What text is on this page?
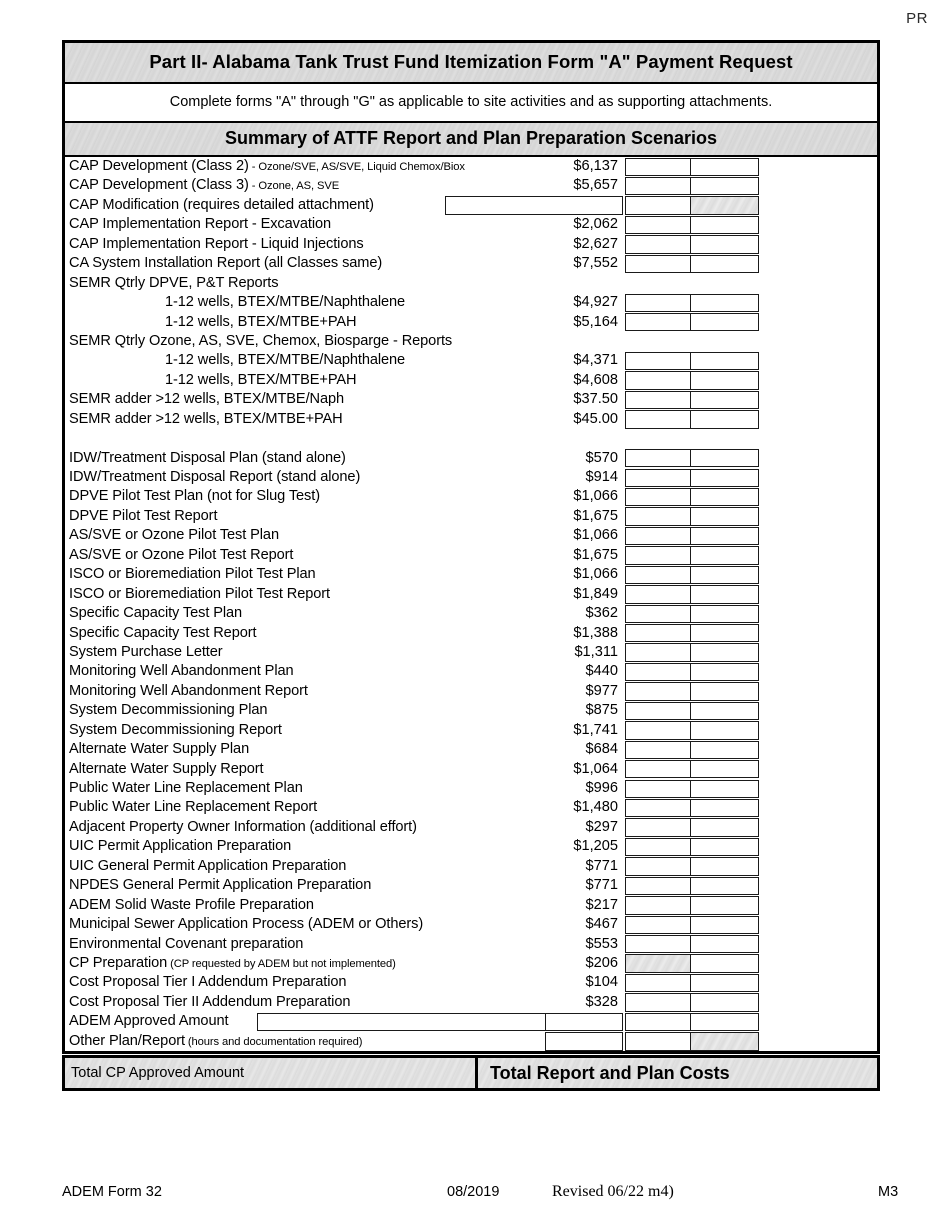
PR
Part II- Alabama Tank Trust Fund Itemization Form "A" Payment Request
Complete forms "A" through "G" as applicable to site activities and as supporting attachments.
Summary of ATTF Report and Plan Preparation Scenarios
CAP Development (Class 2) - Ozone/SVE, AS/SVE, Liquid Chemox/Biox	$6,137
CAP Development (Class 3) - Ozone, AS, SVE	$5,657
CAP Modification (requires detailed attachment)
CAP Implementation Report - Excavation	$2,062
CAP Implementation Report - Liquid Injections	$2,627
CA System Installation Report (all Classes same)	$7,552
SEMR Qtrly DPVE, P&T Reports
1-12 wells, BTEX/MTBE/Naphthalene	$4,927
1-12 wells, BTEX/MTBE+PAH	$5,164
SEMR Qtrly Ozone, AS, SVE, Chemox, Biosparge - Reports
1-12 wells, BTEX/MTBE/Naphthalene	$4,371
1-12 wells, BTEX/MTBE+PAH	$4,608
SEMR adder >12 wells, BTEX/MTBE/Naph	$37.50
SEMR adder >12 wells, BTEX/MTBE+PAH	$45.00
IDW/Treatment Disposal Plan (stand alone)	$570
IDW/Treatment Disposal Report (stand alone)	$914
DPVE Pilot Test Plan (not for Slug Test)	$1,066
DPVE Pilot Test Report	$1,675
AS/SVE or Ozone Pilot Test Plan	$1,066
AS/SVE or Ozone Pilot Test Report	$1,675
ISCO or Bioremediation Pilot Test Plan	$1,066
ISCO or Bioremediation Pilot Test Report	$1,849
Specific Capacity Test Plan	$362
Specific Capacity Test Report	$1,388
System Purchase Letter	$1,311
Monitoring Well Abandonment Plan	$440
Monitoring Well Abandonment Report	$977
System Decommissioning Plan	$875
System Decommissioning Report	$1,741
Alternate Water Supply Plan	$684
Alternate Water Supply Report	$1,064
Public Water Line Replacement Plan	$996
Public Water Line Replacement Report	$1,480
Adjacent Property Owner Information (additional effort)	$297
UIC Permit Application Preparation	$1,205
UIC General Permit Application Preparation	$771
NPDES General Permit Application Preparation	$771
ADEM Solid Waste Profile Preparation	$217
Municipal Sewer Application Process (ADEM or Others)	$467
Environmental Covenant preparation	$553
CP Preparation (CP requested by ADEM but not implemented)	$206
Cost Proposal Tier I Addendum Preparation	$104
Cost Proposal Tier II Addendum Preparation	$328
ADEM Approved Amount
Other Plan/Report (hours and documentation required)
Total CP Approved Amount	Total Report and Plan Costs
ADEM Form 32	08/2019	Revised 06/22 m4)	M3
